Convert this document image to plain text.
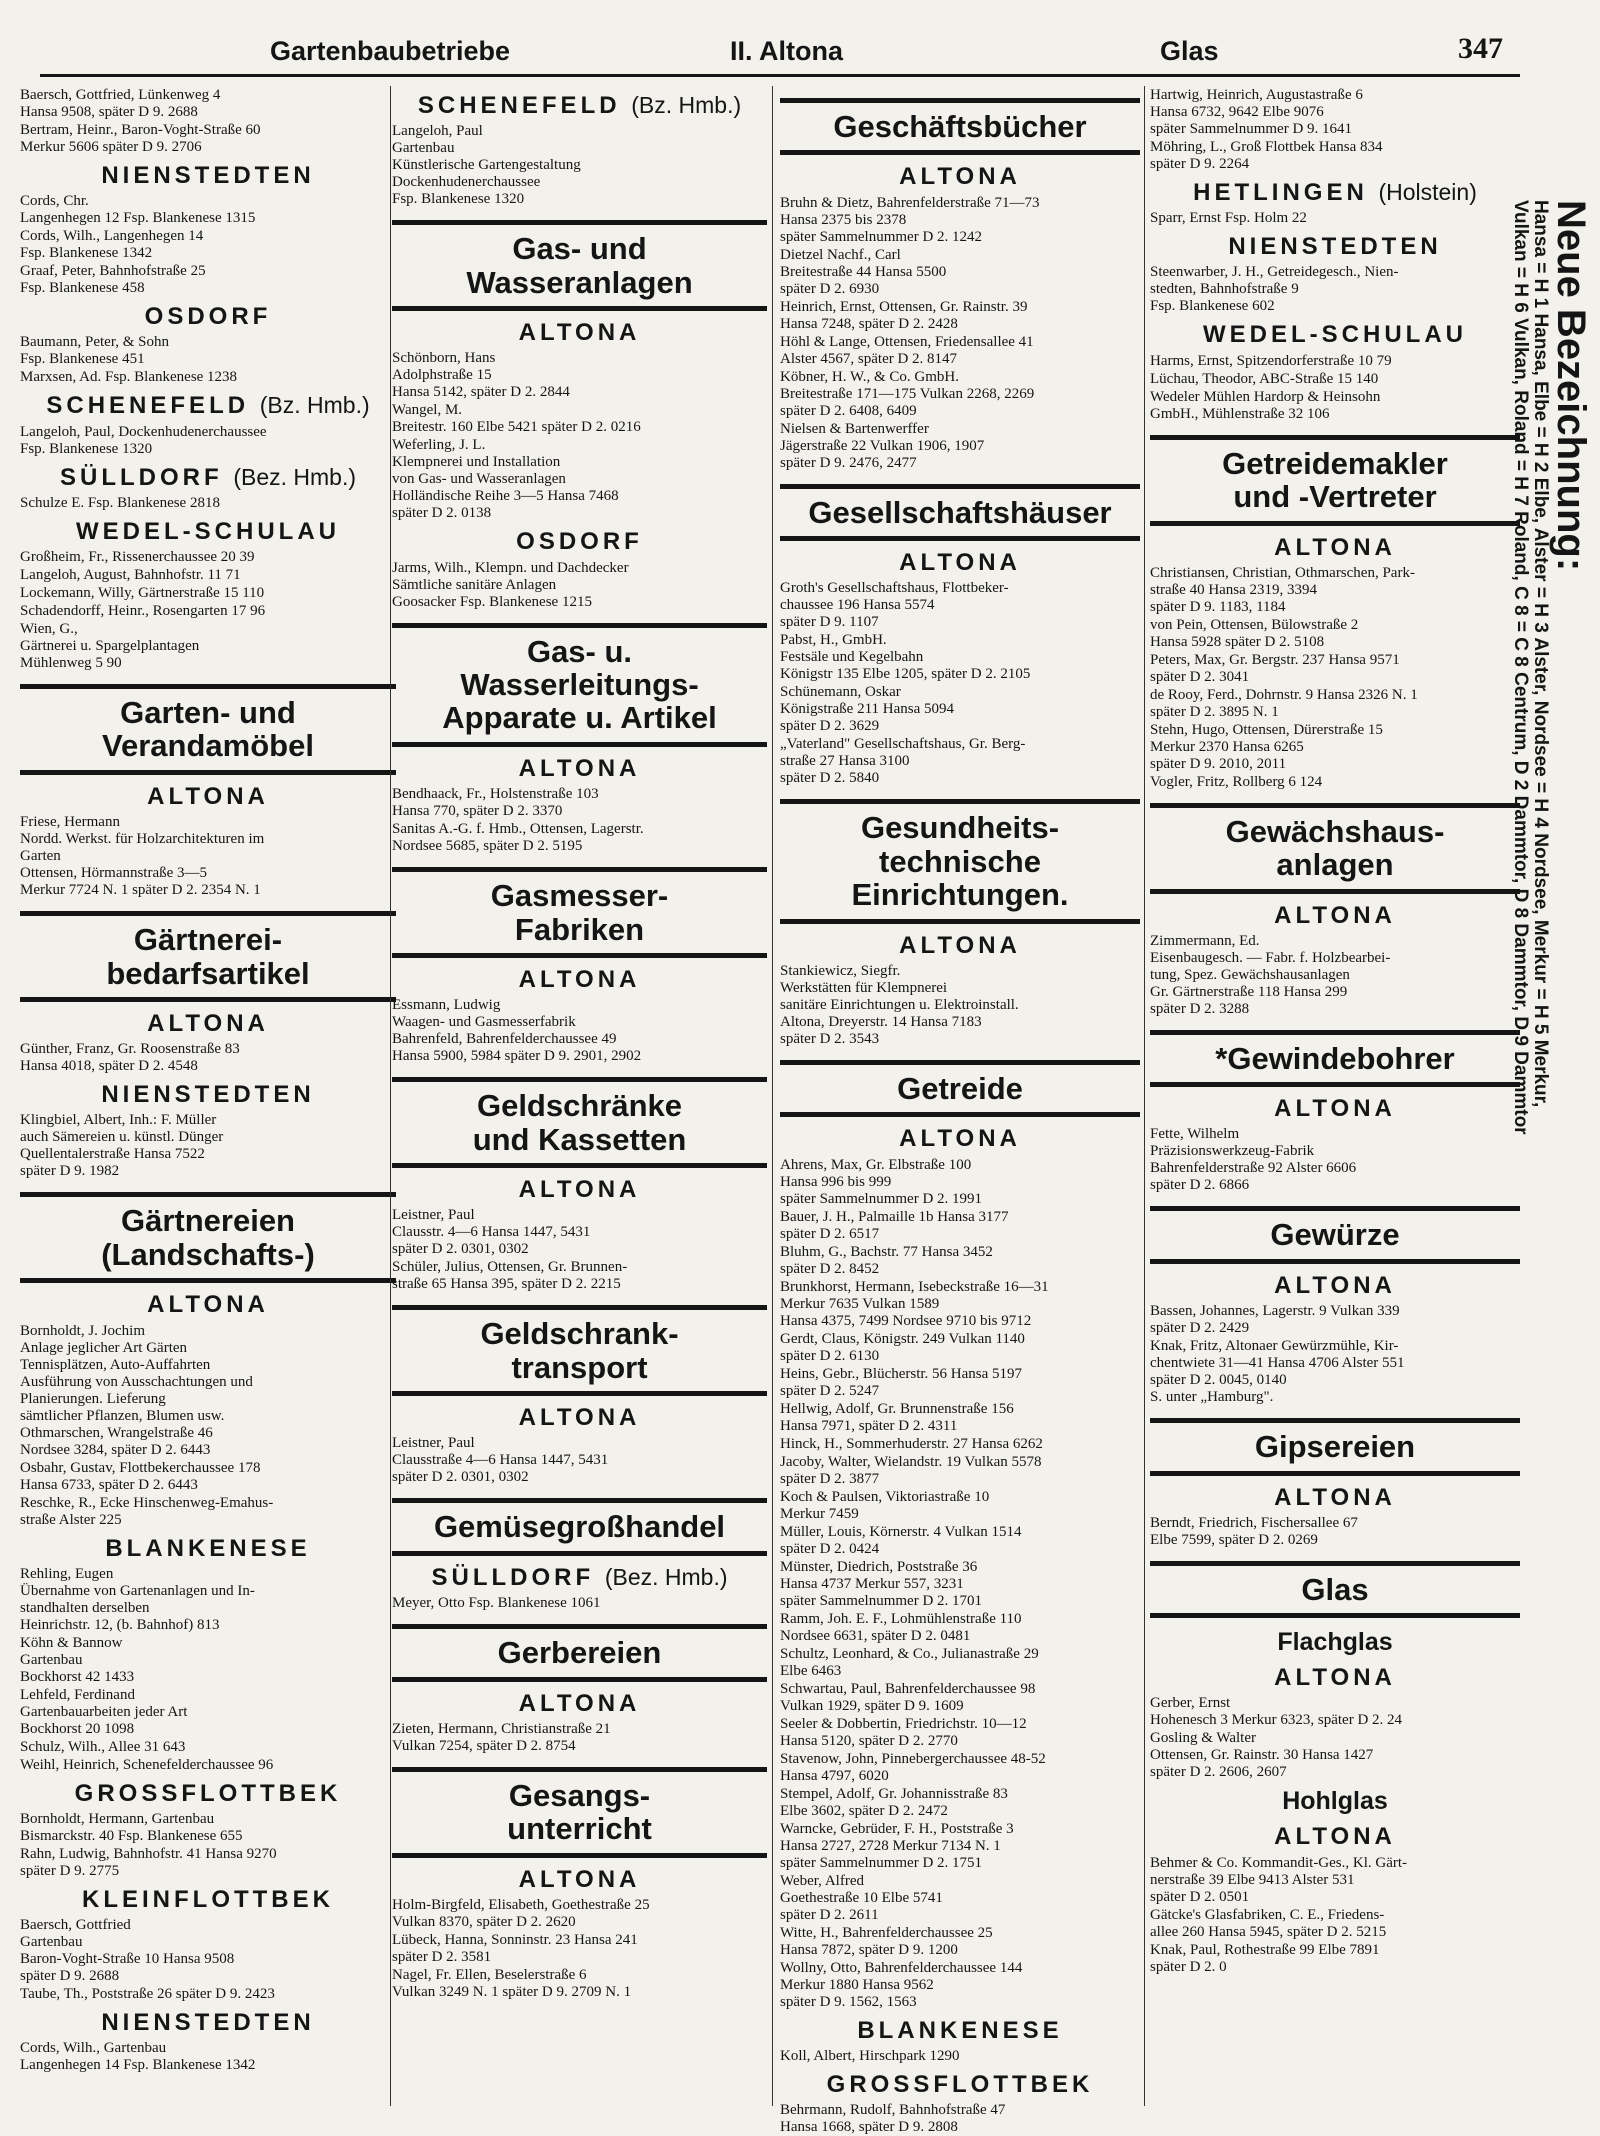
Gartenbaubetriebe	II. Altona	Glas	347
Baersch, Gottfried, Lünkenweg 4
Hansa 9508, später D 9. 2688
Bertram, Heinr., Baron-Voght-Straße 60
Merkur 5606 später D 9. 2706
NIENSTEDTEN
Cords, Chr.
Langenhegen 12 Fsp. Blankenese 1315
Cords, Wilh., Langenhegen 14
Fsp. Blankenese 1342
Graaf, Peter, Bahnhofstraße 25
Fsp. Blankenese 458
OSDORF
Baumann, Peter, & Sohn
Fsp. Blankenese 451
Marxsen, Ad. Fsp. Blankenese 1238
SCHENEFELD (Bz. Hmb.)
Langeloh, Paul, Dockenhudenerchaussee
Fsp. Blankenese 1320
SÜLLDORF (Bez. Hmb.)
Schulze E. Fsp. Blankenese 2818
WEDEL-SCHULAU
Großheim, Fr., Rissenerchaussee 20 39
Langeloh, August, Bahnhofstr. 11 71
Lockemann, Willy, Gärtnerstraße 15 110
Schadendorff, Heinr., Rosengarten 17 96
Wien, G.,
Gärtnerei u. Spargelplantagen
Mühlenweg 5 90
Garten- und
Verandamöbel
ALTONA
Friese, Hermann
Nordd. Werkst. für Holzarchitekturen im
Garten
Ottensen, Hörmannstraße 3—5
Merkur 7724 N. 1 später D 2. 2354 N. 1
Gärtnerei-
bedarfsartikel
ALTONA
Günther, Franz, Gr. Roosenstraße 83
Hansa 4018, später D 2. 4548
NIENSTEDTEN
Klingbiel, Albert, Inh.: F. Müller
auch Sämereien u. künstl. Dünger
Quellentalerstraße Hansa 7522
später D 9. 1982
Gärtnereien
(Landschafts-)
ALTONA
Bornholdt, J. Jochim
Anlage jeglicher Art Gärten
Tennisplätzen, Auto-Auffahrten
Ausführung von Ausschachtungen und
Planierungen. Lieferung
sämtlicher Pflanzen, Blumen usw.
Othmarschen, Wrangelstraße 46
Nordsee 3284, später D 2. 6443
Osbahr, Gustav, Flottbekerchaussee 178
Hansa 6733, später D 2. 6443
Reschke, R., Ecke Hinschenweg-Emahus-
straße Alster 225
BLANKENESE
Rehling, Eugen
Übernahme von Gartenanlagen und In-
standhalten derselben
Heinrichstr. 12, (b. Bahnhof) 813
Köhn & Bannow
Gartenbau
Bockhorst 42 1433
Lehfeld, Ferdinand
Gartenbauarbeiten jeder Art
Bockhorst 20 1098
Schulz, Wilh., Allee 31 643
Weihl, Heinrich, Schenefelderchaussee 96
GROSSFLOTTBEK
Bornholdt, Hermann, Gartenbau
Bismarckstr. 40 Fsp. Blankenese 655
Rahn, Ludwig, Bahnhofstr. 41 Hansa 9270
später D 9. 2775
KLEINFLOTTBEK
Baersch, Gottfried
Gartenbau
Baron-Voght-Straße 10 Hansa 9508
später D 9. 2688
Taube, Th., Poststraße 26 später D 9. 2423
NIENSTEDTEN
Cords, Wilh., Gartenbau
Langenhegen 14 Fsp. Blankenese 1342
SCHENEFELD (Bz. Hmb.)
Langeloh, Paul
Gartenbau
Künstlerische Gartengestaltung
Dockenhudenerchaussee
Fsp. Blankenese 1320
Gas- und
Wasseranlagen
ALTONA
Schönborn, Hans
Adolphstraße 15
Hansa 5142, später D 2. 2844
Wangel, M.
Breitestr. 160 Elbe 5421 später D 2. 0216
Weferling, J. L.
Klempnerei und Installation
von Gas- und Wasseranlagen
Holländische Reihe 3—5 Hansa 7468
später D 2. 0138
OSDORF
Jarms, Wilh., Klempn. und Dachdecker
Sämtliche sanitäre Anlagen
Goosacker Fsp. Blankenese 1215
Gas- u.
Wasserleitungs-
Apparate u. Artikel
ALTONA
Bendhaack, Fr., Holstenstraße 103
Hansa 770, später D 2. 3370
Sanitas A.-G. f. Hmb., Ottensen, Lagerstr.
Nordsee 5685, später D 2. 5195
Gasmesser-
Fabriken
ALTONA
Essmann, Ludwig
Waagen- und Gasmesserfabrik
Bahrenfeld, Bahrenfelderchaussee 49
Hansa 5900, 5984 später D 9. 2901, 2902
Geldschränke
und Kassetten
ALTONA
Leistner, Paul
Clausstr. 4—6 Hansa 1447, 5431
später D 2. 0301, 0302
Schüler, Julius, Ottensen, Gr. Brunnen-
straße 65 Hansa 395, später D 2. 2215
Geldschrank-
transport
ALTONA
Leistner, Paul
Clausstraße 4—6 Hansa 1447, 5431
später D 2. 0301, 0302
Gemüsegroßhandel
SÜLLDORF (Bez. Hmb.)
Meyer, Otto Fsp. Blankenese 1061
Gerbereien
ALTONA
Zieten, Hermann, Christianstraße 21
Vulkan 7254, später D 2. 8754
Gesangs-
unterricht
ALTONA
Holm-Birgfeld, Elisabeth, Goethestraße 25
Vulkan 8370, später D 2. 2620
Lübeck, Hanna, Sonninstr. 23 Hansa 241
später D 2. 3581
Nagel, Fr. Ellen, Beselerstraße 6
Vulkan 3249 N. 1 später D 9. 2709 N. 1
Geschäftsbücher
ALTONA
Bruhn & Dietz, Bahrenfelderstraße 71—73
Hansa 2375 bis 2378
später Sammelnummer D 2. 1242
Dietzel Nachf., Carl
Breitestraße 44 Hansa 5500
später D 2. 6930
Heinrich, Ernst, Ottensen, Gr. Rainstr. 39
Hansa 7248, später D 2. 2428
Höhl & Lange, Ottensen, Friedensallee 41
Alster 4567, später D 2. 8147
Köbner, H. W., & Co. GmbH.
Breitestraße 171—175 Vulkan 2268, 2269
später D 2. 6408, 6409
Nielsen & Bartenwerffer
Jägerstraße 22 Vulkan 1906, 1907
später D 9. 2476, 2477
Gesellschaftshäuser
ALTONA
Groth's Gesellschaftshaus, Flottbeker-
chaussee 196 Hansa 5574
später D 9. 1107
Pabst, H., GmbH.
Festsäle und Kegelbahn
Königstr 135 Elbe 1205, später D 2. 2105
Schünemann, Oskar
Königstraße 211 Hansa 5094
später D 2. 3629
„Vaterland" Gesellschaftshaus, Gr. Berg-
straße 27 Hansa 3100
später D 2. 5840
Gesundheits-
technische
Einrichtungen.
ALTONA
Stankiewicz, Siegfr.
Werkstätten für Klempnerei
sanitäre Einrichtungen u. Elektroinstall.
Altona, Dreyerstr. 14 Hansa 7183
später D 2. 3543
Getreide
ALTONA
Ahrens, Max, Gr. Elbstraße 100
Hansa 996 bis 999
später Sammelnummer D 2. 1991
Bauer, J. H., Palmaille 1b Hansa 3177
später D 2. 6517
Bluhm, G., Bachstr. 77 Hansa 3452
später D 2. 8452
Brunkhorst, Hermann, Isebeckstraße 16—31
Merkur 7635 Vulkan 1589
Hansa 4375, 7499 Nordsee 9710 bis 9712
Gerdt, Claus, Königstr. 249 Vulkan 1140
später D 2. 6130
Heins, Gebr., Blücherstr. 56 Hansa 5197
später D 2. 5247
Hellwig, Adolf, Gr. Brunnenstraße 156
Hansa 7971, später D 2. 4311
Hinck, H., Sommerhuderstr. 27 Hansa 6262
Jacoby, Walter, Wielandstr. 19 Vulkan 5578
später D 2. 3877
Koch & Paulsen, Viktoriastraße 10
Merkur 7459
Müller, Louis, Körnerstr. 4 Vulkan 1514
später D 2. 0424
Münster, Diedrich, Poststraße 36
Hansa 4737 Merkur 557, 3231
später Sammelnummer D 2. 1701
Ramm, Joh. E. F., Lohmühlenstraße 110
Nordsee 6631, später D 2. 0481
Schultz, Leonhard, & Co., Julianastraße 29
Elbe 6463
Schwartau, Paul, Bahrenfelderchaussee 98
Vulkan 1929, später D 9. 1609
Seeler & Dobbertin, Friedrichstr. 10—12
Hansa 5120, später D 2. 2770
Stavenow, John, Pinnebergerchaussee 48-52
Hansa 4797, 6020
Stempel, Adolf, Gr. Johannisstraße 83
Elbe 3602, später D 2. 2472
Warncke, Gebrüder, F. H., Poststraße 3
Hansa 2727, 2728 Merkur 7134 N. 1
später Sammelnummer D 2. 1751
Weber, Alfred
Goethestraße 10 Elbe 5741
später D 2. 2611
Witte, H., Bahrenfelderchaussee 25
Hansa 7872, später D 9. 1200
Wollny, Otto, Bahrenfelderchaussee 144
Merkur 1880 Hansa 9562
später D 9. 1562, 1563
BLANKENESE
Koll, Albert, Hirschpark 1290
GROSSFLOTTBEK
Behrmann, Rudolf, Bahnhofstraße 47
Hansa 1668, später D 9. 2808
Hartwig, Heinrich, Augustastraße 6
Hansa 6732, 9642 Elbe 9076
später Sammelnummer D 9. 1641
Möhring, L., Groß Flottbek Hansa 834
später D 9. 2264
HETLINGEN (Holstein)
Sparr, Ernst Fsp. Holm 22
NIENSTEDTEN
Steenwarber, J. H., Getreidegesch., Nien-
stedten, Bahnhofstraße 9
Fsp. Blankenese 602
WEDEL-SCHULAU
Harms, Ernst, Spitzendorferstraße 10 79
Lüchau, Theodor, ABC-Straße 15 140
Wedeler Mühlen Hardorp & Heinsohn
GmbH., Mühlenstraße 32 106
Getreidemakler
und -Vertreter
ALTONA
Christiansen, Christian, Othmarschen, Park-
straße 40 Hansa 2319, 3394
später D 9. 1183, 1184
von Pein, Ottensen, Bülowstraße 2
Hansa 5928 später D 2. 5108
Peters, Max, Gr. Bergstr. 237 Hansa 9571
später D 2. 3041
de Rooy, Ferd., Dohrnstr. 9 Hansa 2326 N. 1
später D 2. 3895 N. 1
Stehn, Hugo, Ottensen, Dürerstraße 15
Merkur 2370 Hansa 6265
später D 9. 2010, 2011
Vogler, Fritz, Rollberg 6 124
Gewächshaus-
anlagen
ALTONA
Zimmermann, Ed.
Eisenbaugesch. — Fabr. f. Holzbearbei-
tung, Spez. Gewächshausanlagen
Gr. Gärtnerstraße 118 Hansa 299
später D 2. 3288
*Gewindebohrer
ALTONA
Fette, Wilhelm
Präzisionswerkzeug-Fabrik
Bahrenfelderstraße 92 Alster 6606
später D 2. 6866
Gewürze
ALTONA
Bassen, Johannes, Lagerstr. 9 Vulkan 339
später D 2. 2429
Knak, Fritz, Altonaer Gewürzmühle, Kir-
chentwiete 31—41 Hansa 4706 Alster 551
später D 2. 0045, 0140
S. unter „Hamburg".
Gipsereien
ALTONA
Berndt, Friedrich, Fischersallee 67
Elbe 7599, später D 2. 0269
Glas
Flachglas
ALTONA
Gerber, Ernst
Hohenesch 3 Merkur 6323, später D 2. 24
Gosling & Walter
Ottensen, Gr. Rainstr. 30 Hansa 1427
später D 2. 2606, 2607
Hohlglas
ALTONA
Behmer & Co. Kommandit-Ges., Kl. Gärt-
nerstraße 39 Elbe 9413 Alster 531
später D 2. 0501
Gätcke's Glasfabriken, C. E., Friedens-
allee 260 Hansa 5945, später D 2. 5215
Knak, Paul, Rothestraße 99 Elbe 7891
später D 2. 0
Neue Bezeichnung:
Hansa = H 1 Hansa, Elbe = H 2 Elbe, Alster = H 3 Alster, Nordsee = H 4 Nordsee, Merkur = H 5 Merkur,
Vulkan = H 6 Vulkan, Roland = H 7 Roland, C 8 = C 8 Centrum, D 2 Dammtor, D 8 Dammtor, D 9 Dammtor
